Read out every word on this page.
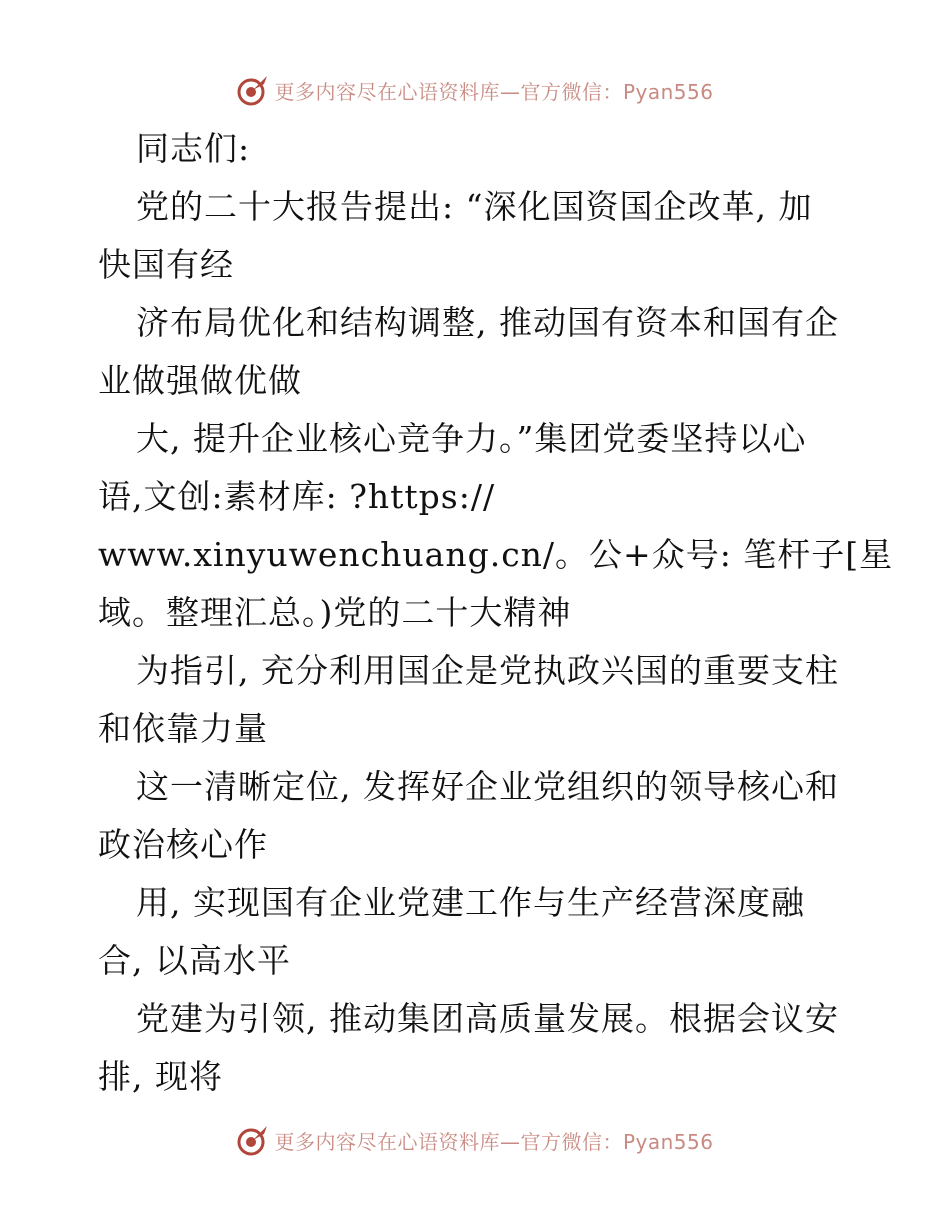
更多内容尽在心语资料库—官方微信：Pyan556
同志们:
党的二十大报告提出: “深化国资国企改革, 加
快国有经
济布局优化和结构调整, 推动国有资本和国有企
业做强做优做
大, 提升企业核心竞争力。”集团党委坚持以心
语,文创:素材库: ?https://
www.xinyuwenchuang.cn/。公+众号: 笔杆子[星
域。整理汇总。)党的二十大精神
为指引, 充分利用国企是党执政兴国的重要支柱
和依靠力量
这一清晰定位, 发挥好企业党组织的领导核心和
政治核心作
用, 实现国有企业党建工作与生产经营深度融
合, 以高水平
党建为引领, 推动集团高质量发展。根据会议安
排, 现将
更多内容尽在心语资料库—官方微信：Pyan556
